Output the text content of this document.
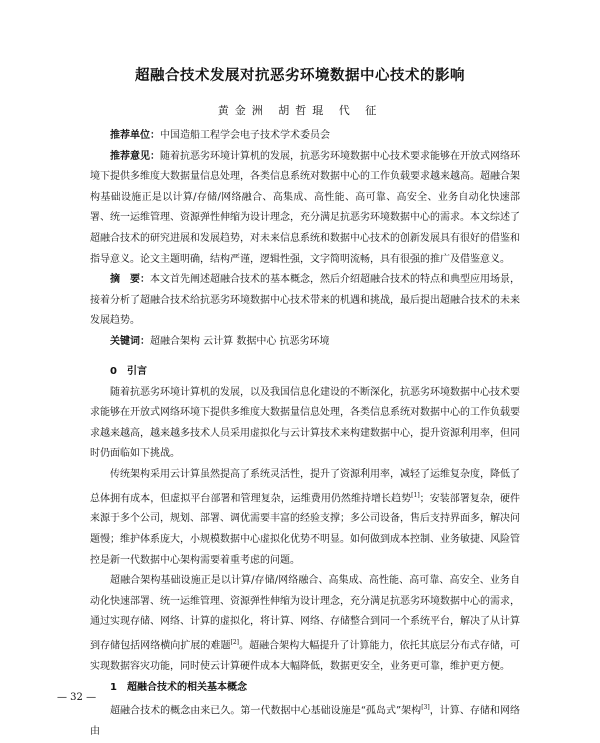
超融合技术发展对抗恶劣环境数据中心技术的影响
黄金洲 胡哲琨 代 征

推荐单位：中国造船工程学会电子技术学术委员会

推荐意见：随着抗恶劣环境计算机的发展，抗恶劣环境数据中心技术要求能够在开放式网络环境下提供多维度大数据量信息处理，各类信息系统对数据中心的工作负载要求越来越高。超融合架构基础设施正是以计算/存储/网络融合、高集成、高性能、高可靠、高安全、业务自动化快速部署、统一运维管理、资源弹性伸缩为设计理念，充分满足抗恶劣环境数据中心的需求。本文综述了超融合技术的研究进展和发展趋势，对未来信息系统和数据中心技术的创新发展具有很好的借鉴和指导意义。论文主题明确，结构严谨，逻辑性强，文字简明流畅，具有很强的推广及借鉴意义。

摘　要：本文首先阐述超融合技术的基本概念，然后介绍超融合技术的特点和典型应用场景，接着分析了超融合技术给抗恶劣环境数据中心技术带来的机遇和挑战，最后提出超融合技术的未来发展趋势。

关键词：超融合架构 云计算 数据中心 抗恶劣环境

0　引言

随着抗恶劣环境计算机的发展，以及我国信息化建设的不断深化，抗恶劣环境数据中心技术要求能够在开放式网络环境下提供多维度大数据量信息处理，各类信息系统对数据中心的工作负载要求越来越高，越来越多技术人员采用虚拟化与云计算技术来构建数据中心，提升资源利用率，但同时仍面临如下挑战。

传统架构采用云计算虽然提高了系统灵活性，提升了资源利用率，减轻了运维复杂度，降低了总体拥有成本，但虚拟平台部署和管理复杂，运维费用仍然维持增长趋势[1]；安装部署复杂，硬件来源于多个公司，规划、部署、调优需要丰富的经验支撑；多公司设备，售后支持界面多，解决问题慢；维护体系庞大，小规模数据中心虚拟化优势不明显。如何做到成本控制、业务敏捷、风险管控是新一代数据中心架构需要着重考虑的问题。

超融合架构基础设施正是以计算/存储/网络融合、高集成、高性能、高可靠、高安全、业务自动化快速部署、统一运维管理、资源弹性伸缩为设计理念，充分满足抗恶劣环境数据中心的需求，通过实现存储、网络、计算的虚拟化，将计算、网络、存储整合到同一个系统平台，解决了从计算到存储包括网络横向扩展的难题[2]。超融合架构大幅提升了计算能力，依托其底层分布式存储，可实现数据容灾功能，同时使云计算硬件成本大幅降低，数据更安全，业务更可靠，维护更方便。

1　超融合技术的相关基本概念

超融合技术的概念由来已久。第一代数据中心基础设施是“孤岛式”架构[3]，计算、存储和网络由

— 32 —
